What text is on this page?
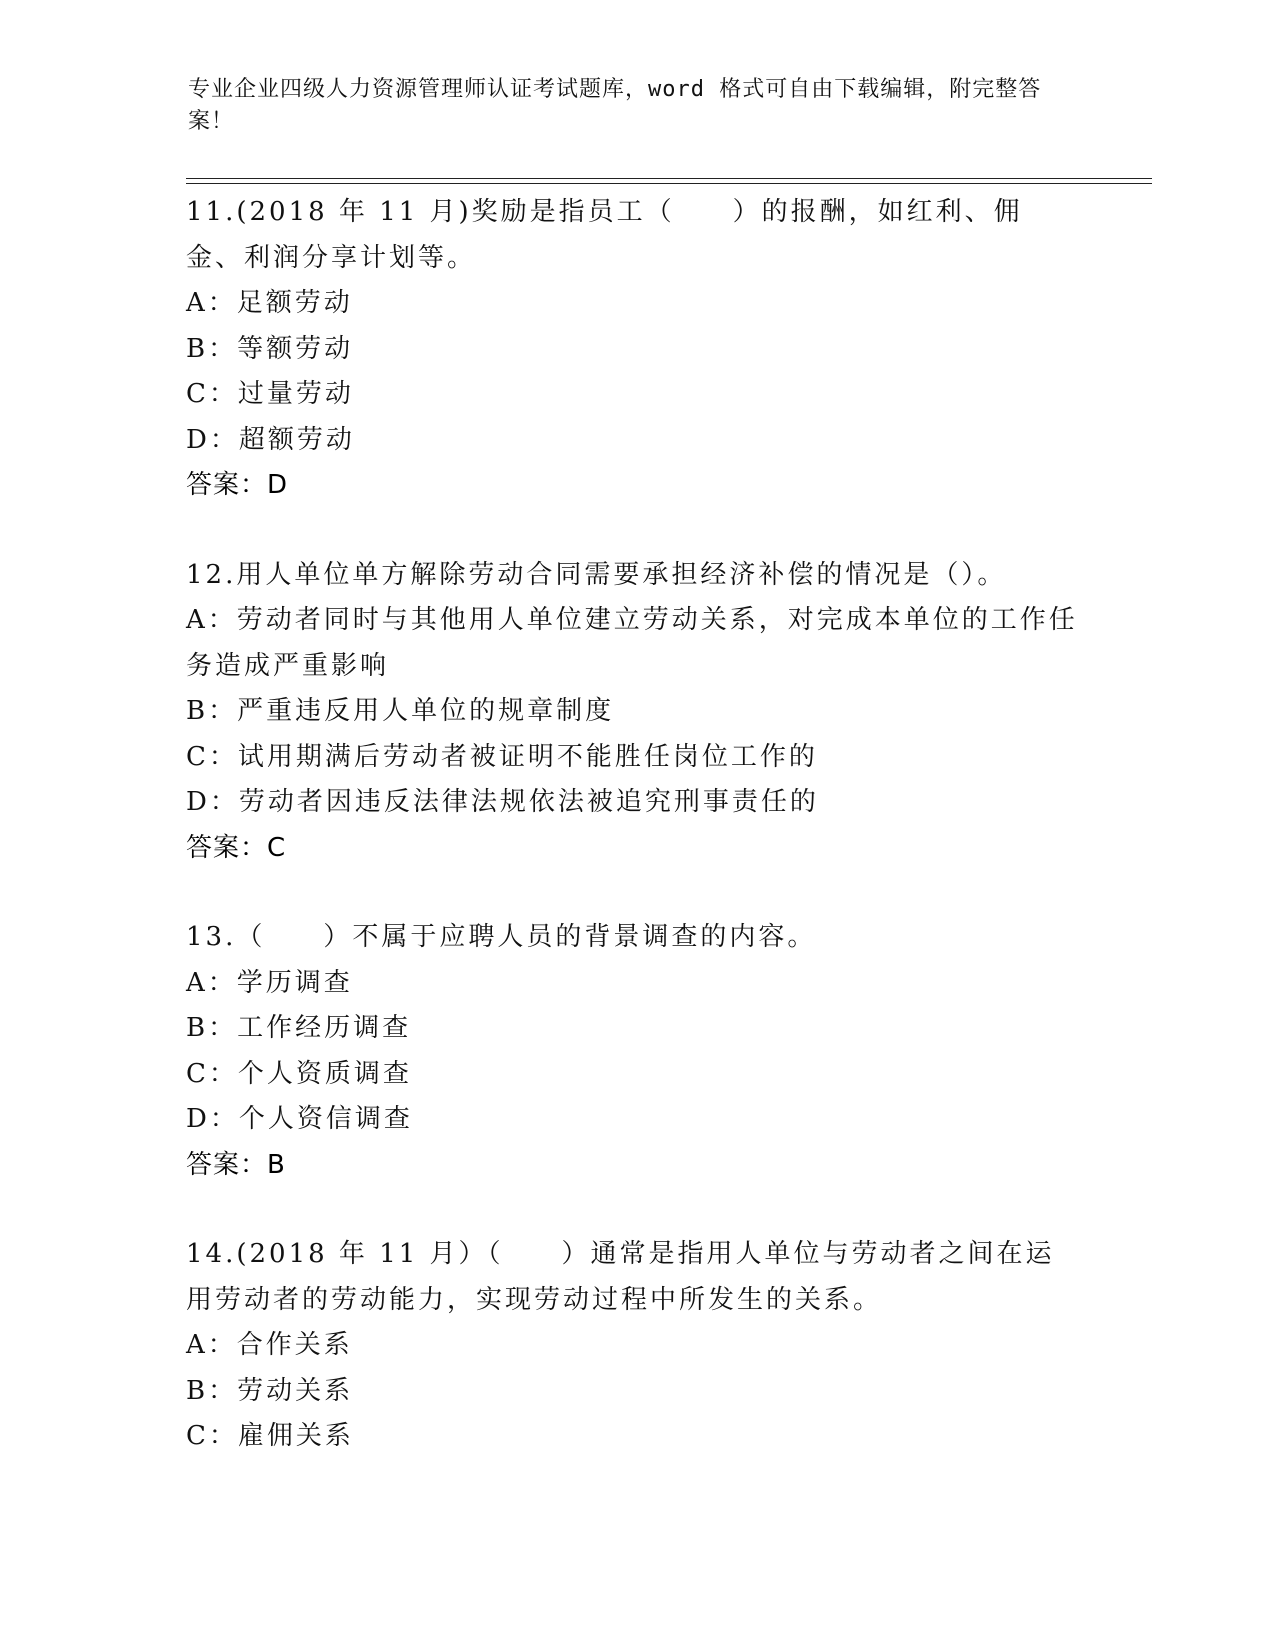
专业企业四级人力资源管理师认证考试题库，word 格式可自由下载编辑，附完整答案！
11.(2018 年 11 月)奖励是指员工（　　）的报酬，如红利、佣金、利润分享计划等。
A：足额劳动
B：等额劳动
C：过量劳动
D：超额劳动
答案：D
12.用人单位单方解除劳动合同需要承担经济补偿的情况是（）。
A：劳动者同时与其他用人单位建立劳动关系，对完成本单位的工作任务造成严重影响
B：严重违反用人单位的规章制度
C：试用期满后劳动者被证明不能胜任岗位工作的
D：劳动者因违反法律法规依法被追究刑事责任的
答案：C
13.（　　）不属于应聘人员的背景调查的内容。
A：学历调查
B：工作经历调查
C：个人资质调查
D：个人资信调查
答案：B
14.(2018 年 11 月）（　　）通常是指用人单位与劳动者之间在运用劳动者的劳动能力，实现劳动过程中所发生的关系。
A：合作关系
B：劳动关系
C：雇佣关系
